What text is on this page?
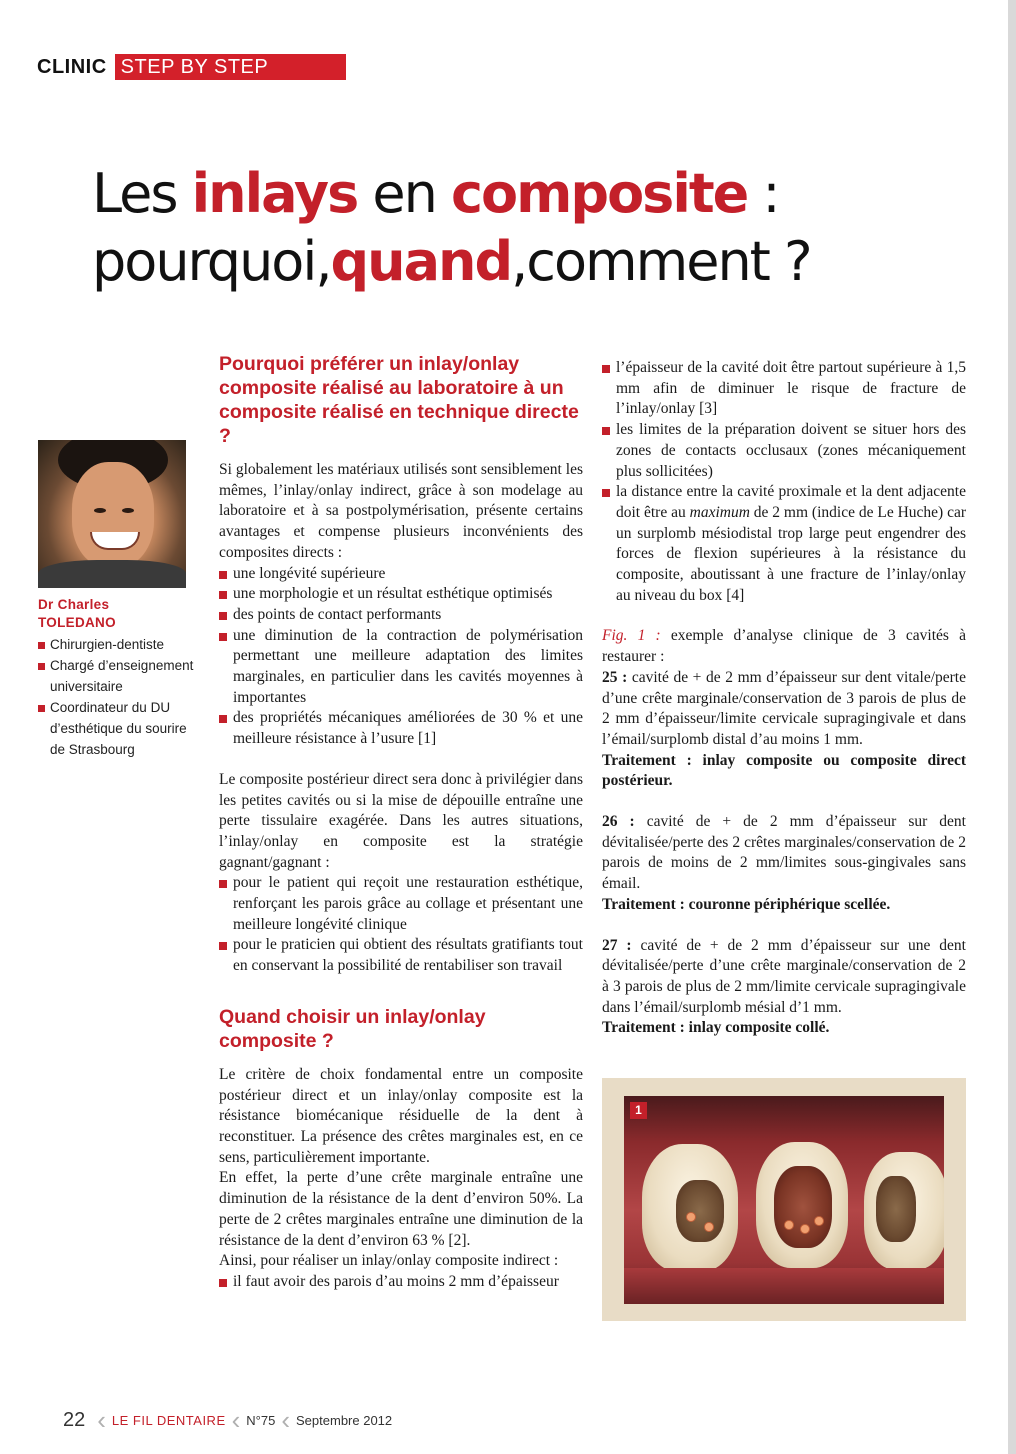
CLINIC STEP BY STEP
Les inlays en composite :
pourquoi,quand,comment ?
Dr Charles
TOLEDANO
Chirurgien-dentiste
Chargé d’enseignement universitaire
Coordinateur du DU d’esthétique du sourire de Strasbourg
Pourquoi préférer un inlay/onlay composite réalisé au laboratoire à un composite réalisé en technique directe ?

Si globalement les matériaux utilisés sont sensiblement les mêmes, l’inlay/onlay indirect, grâce à son modelage au laboratoire et à sa postpolymérisation, présente certains avantages et compense plusieurs inconvénients des composites directs :

une longévité supérieure
une morphologie et un résultat esthétique optimisés
des points de contact performants
une diminution de la contraction de polymérisation permettant une meilleure adaptation des limites marginales, en particulier dans les cavités moyennes à importantes
des propriétés mécaniques améliorées de 30 % et une meilleure résistance à l’usure [1]

Le composite postérieur direct sera donc à privilégier dans les petites cavités ou si la mise de dépouille entraîne une perte tissulaire exagérée. Dans les autres situations, l’inlay/onlay en composite est la stratégie gagnant/gagnant :

pour le patient qui reçoit une restauration esthétique, renforçant les parois grâce au collage et présentant une meilleure longévité clinique
pour le praticien qui obtient des résultats gratifiants tout en conservant la possibilité de rentabiliser son travail
Quand choisir un inlay/onlay composite ?

Le critère de choix fondamental entre un composite postérieur direct et un inlay/onlay composite est la résistance biomécanique résiduelle de la dent à reconstituer. La présence des crêtes marginales est, en ce sens, particulièrement importante.

En effet, la perte d’une crête marginale entraîne une diminution de la résistance de la dent d’environ 50%. La perte de 2 crêtes marginales entraîne une diminution de la résistance de la dent d’environ 63 % [2].

Ainsi, pour réaliser un inlay/onlay composite indirect :

il faut avoir des parois d’au moins 2 mm d’épaisseur
l’épaisseur de la cavité doit être partout supérieure à 1,5 mm afin de diminuer le risque de fracture de l’inlay/onlay [3]
les limites de la préparation doivent se situer hors des zones de contacts occlusaux (zones mécaniquement plus sollicitées)
la distance entre la cavité proximale et la dent adjacente doit être au maximum de 2 mm (indice de Le Huche) car un surplomb mésiodistal trop large peut engendrer des forces de flexion supérieures à la résistance du composite, aboutissant à une fracture de l’inlay/onlay au niveau du box [4]

Fig. 1 : exemple d’analyse clinique de 3 cavités à restaurer :

25 : cavité de + de 2 mm d’épaisseur sur dent vitale/perte d’une crête marginale/conservation de 3 parois de plus de 2 mm d’épaisseur/limite cervicale supragingivale et dans l’émail/surplomb distal d’au moins 1 mm.

Traitement : inlay composite ou composite direct postérieur.

26 : cavité de + de 2 mm d’épaisseur sur dent dévitalisée/perte des 2 crêtes marginales/conservation de 2 parois de moins de 2 mm/limites sous-gingivales sans émail.

Traitement : couronne périphérique scellée.

27 : cavité de + de 2 mm d’épaisseur sur une dent dévitalisée/perte d’une crête marginale/conservation de 2 à 3 parois de plus de 2 mm/limite cervicale supragingivale dans l’émail/surplomb mésial d’1 mm.

Traitement : inlay composite collé.

1
22 ‹ LE FIL DENTAIRE ‹ N°75 ‹ Septembre 2012
